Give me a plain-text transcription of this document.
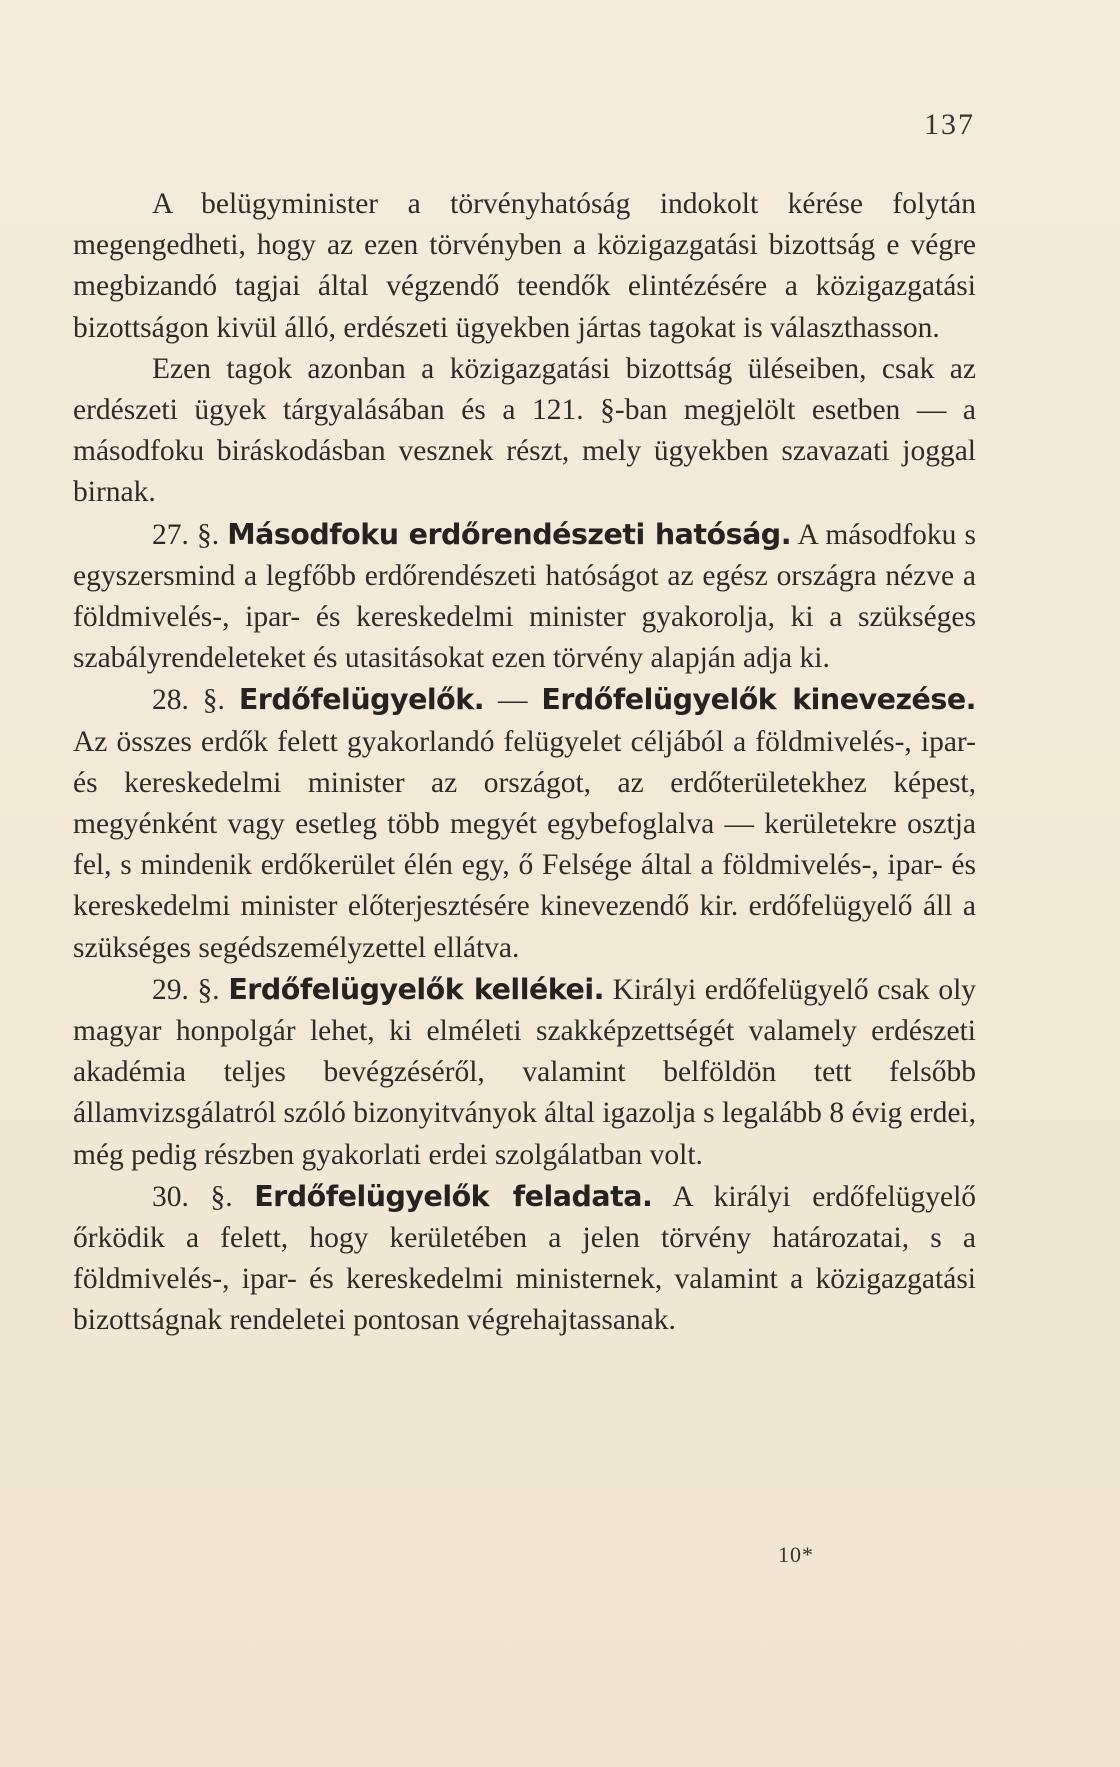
137

A belügyminister a törvényhatóság indokolt kérése folytán megengedheti, hogy az ezen törvényben a közigazgatási bizottság e végre megbizandó tagjai által végzendő teendők elintézésére a közigazgatási bizottságon kivül álló, erdészeti ügyekben jártas tagokat is választhasson.

Ezen tagok azonban a közigazgatási bizottság üléseiben, csak az erdészeti ügyek tárgyalásában és a 121. §-ban megjelölt esetben — a másodfoku biráskodásban vesznek részt, mely ügyekben szavazati joggal birnak.

27. §. Másodfoku erdőrendészeti hatóság. A másodfoku s egyszersmind a legfőbb erdőrendészeti hatóságot az egész országra nézve a földmivelés-, ipar- és kereskedelmi minister gyakorolja, ki a szükséges szabályrendeleteket és utasitásokat ezen törvény alapján adja ki.

28. §. Erdőfelügyelők. — Erdőfelügyelők kinevezése. Az összes erdők felett gyakorlandó felügyelet céljából a földmivelés-, ipar- és kereskedelmi minister az országot, az erdőterületekhez képest, megyénként vagy esetleg több megyét egybefoglalva — kerületekre osztja fel, s mindenik erdőkerület élén egy, ő Felsége által a földmivelés-, ipar- és kereskedelmi minister előterjesztésére kinevezendő kir. erdőfelügyelő áll a szükséges segédszemélyzettel ellátva.

29. §. Erdőfelügyelők kellékei. Királyi erdőfelügyelő csak oly magyar honpolgár lehet, ki elméleti szakképzettségét valamely erdészeti akadémia teljes bevégzéséről, valamint belföldön tett felsőbb államvizsgálatról szóló bizonyitványok által igazolja s legalább 8 évig erdei, még pedig részben gyakorlati erdei szolgálatban volt.

30. §. Erdőfelügyelők feladata. A királyi erdőfelügyelő őrködik a felett, hogy kerületében a jelen törvény határozatai, s a földmivelés-, ipar- és kereskedelmi ministernek, valamint a közigazgatási bizottságnak rendeletei pontosan végrehajtassanak.

10*
